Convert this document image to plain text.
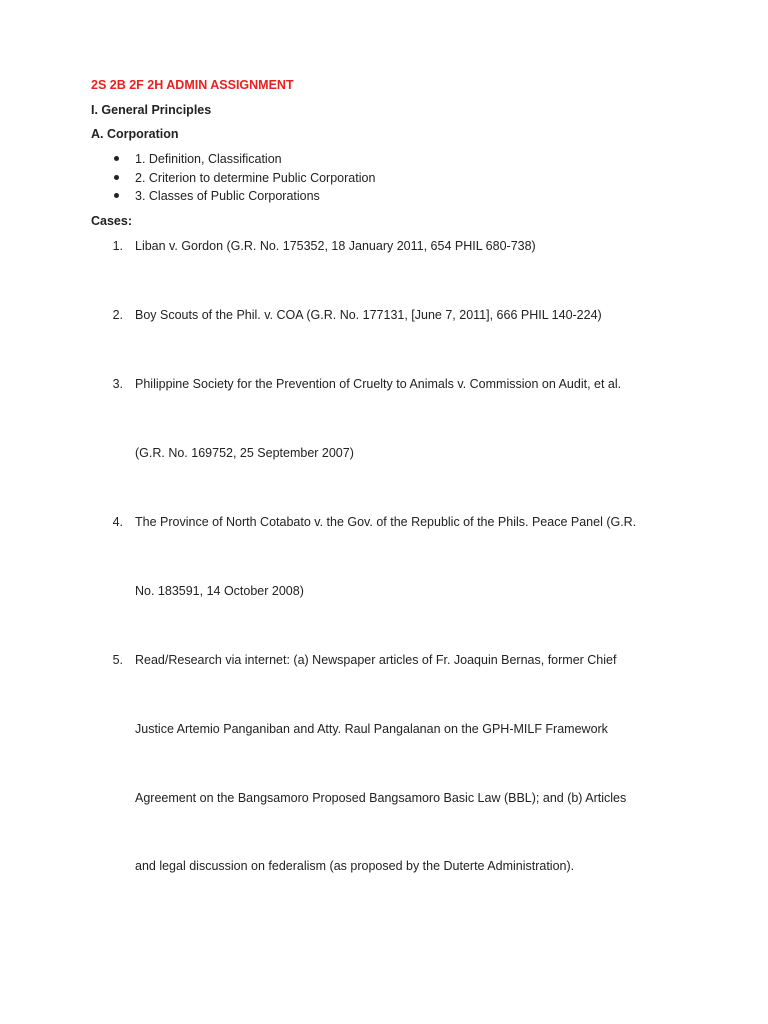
2S 2B 2F 2H ADMIN ASSIGNMENT
I. General Principles
A. Corporation
1. Definition, Classification
2. Criterion to determine Public Corporation
3. Classes of Public Corporations
Cases:
1. Liban v. Gordon (G.R. No. 175352, 18 January 2011, 654 PHIL 680-738)
2. Boy Scouts of the Phil. v. COA (G.R. No. 177131, [June 7, 2011], 666 PHIL 140-224)
3. Philippine Society for the Prevention of Cruelty to Animals v. Commission on Audit, et al.
(G.R. No. 169752, 25 September 2007)
4. The Province of North Cotabato v. the Gov. of the Republic of the Phils. Peace Panel (G.R.
No. 183591, 14 October 2008)
5. Read/Research via internet: (a) Newspaper articles of Fr. Joaquin Bernas, former Chief
Justice Artemio Panganiban and Atty. Raul Pangalanan on the GPH-MILF Framework
Agreement on the Bangsamoro Proposed Bangsamoro Basic Law (BBL); and (b) Articles
and legal discussion on federalism (as proposed by the Duterte Administration).
